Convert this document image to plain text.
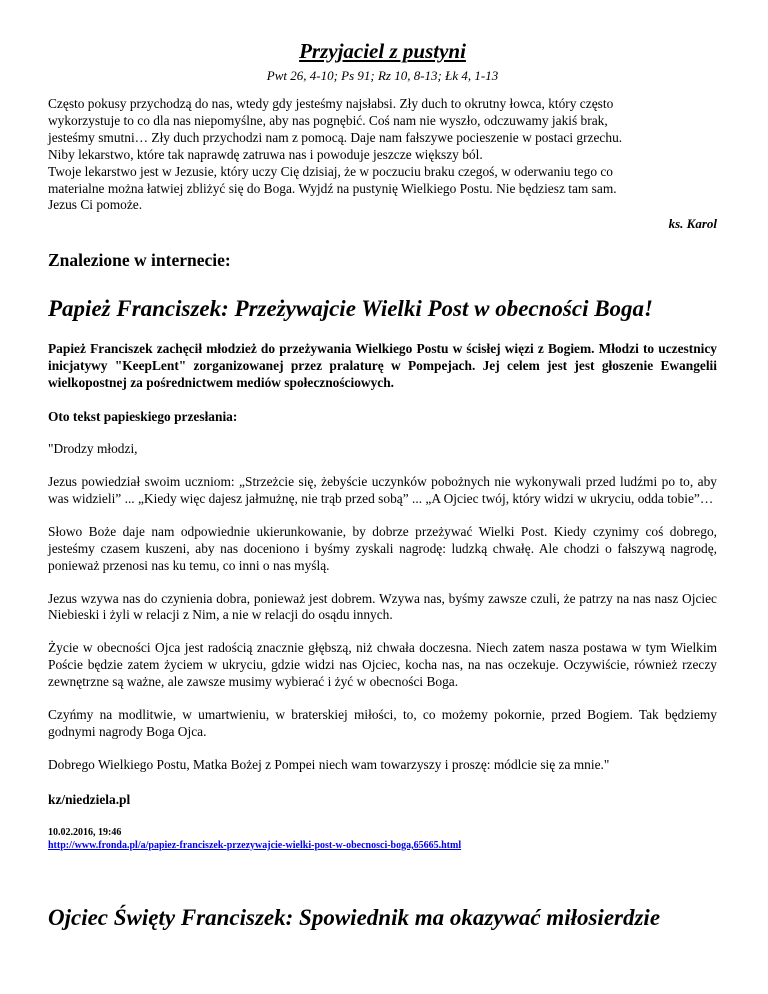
Przyjaciel z pustyni

Pwt 26, 4-10; Ps 91; Rz 10, 8-13; Łk 4, 1-13

Często pokusy przychodzą do nas, wtedy gdy jesteśmy najsłabsi. Zły duch to okrutny łowca, który często

wykorzystuje to co dla nas niepomyślne, aby nas pognębić. Coś nam nie wyszło, odczuwamy jakiś brak,

jesteśmy smutni… Zły duch przychodzi nam z pomocą. Daje nam fałszywe pocieszenie w postaci grzechu.

Niby lekarstwo, które tak naprawdę zatruwa nas i powoduje jeszcze większy ból.

Twoje lekarstwo jest w Jezusie, który uczy Cię dzisiaj, że w poczuciu braku czegoś, w oderwaniu tego co

materialne można łatwiej zbliżyć się do Boga. Wyjdź na pustynię Wielkiego Postu. Nie będziesz tam sam.

Jezus Ci pomoże.

ks. Karol

Znalezione w internecie:
Papież Franciszek: Przeżywajcie Wielki Post w obecności Boga!

Papież Franciszek zachęcił młodzież do przeżywania Wielkiego Postu w ścisłej więzi z Bogiem. Młodzi to uczestnicy inicjatywy "KeepLent" zorganizowanej przez pralaturę w Pompejach. Jej celem jest jest głoszenie Ewangelii wielkopostnej za pośrednictwem mediów społecznościowych.

Oto tekst papieskiego przesłania:

"Drodzy młodzi,

Jezus powiedział swoim uczniom: „Strzeżcie się, żebyście uczynków pobożnych nie wykonywali przed ludźmi po to, aby was widzieli” ... „Kiedy więc dajesz jałmużnę, nie trąb przed sobą” ... „A Ojciec twój, który widzi w ukryciu, odda tobie”…

Słowo Boże daje nam odpowiednie ukierunkowanie, by dobrze przeżywać Wielki Post. Kiedy czynimy coś dobrego, jesteśmy czasem kuszeni, aby nas doceniono i byśmy zyskali nagrodę: ludzką chwałę. Ale chodzi o fałszywą nagrodę, ponieważ przenosi nas ku temu, co inni o nas myślą.

Jezus wzywa nas do czynienia dobra, ponieważ jest dobrem. Wzywa nas, byśmy zawsze czuli, że patrzy na nas nasz Ojciec Niebieski i żyli w relacji z Nim, a nie w relacji do osądu innych.

Życie w obecności Ojca jest radością znacznie głębszą, niż chwała doczesna. Niech zatem nasza postawa w tym Wielkim Poście będzie zatem życiem w ukryciu, gdzie widzi nas Ojciec, kocha nas, na nas oczekuje. Oczywiście, również rzeczy zewnętrzne są ważne, ale zawsze musimy wybierać i żyć w obecności Boga.

Czyńmy na modlitwie, w umartwieniu, w braterskiej miłości, to, co możemy pokornie, przed Bogiem. Tak będziemy godnymi nagrody Boga Ojca.

Dobrego Wielkiego Postu, Matka Bożej z Pompei niech wam towarzyszy i proszę: módlcie się za mnie."

kz/niedziela.pl

10.02.2016, 19:46

http://www.fronda.pl/a/papiez-franciszek-przezywajcie-wielki-post-w-obecnosci-boga,65665.html
Ojciec Święty Franciszek: Spowiednik ma okazywać miłosierdzie
